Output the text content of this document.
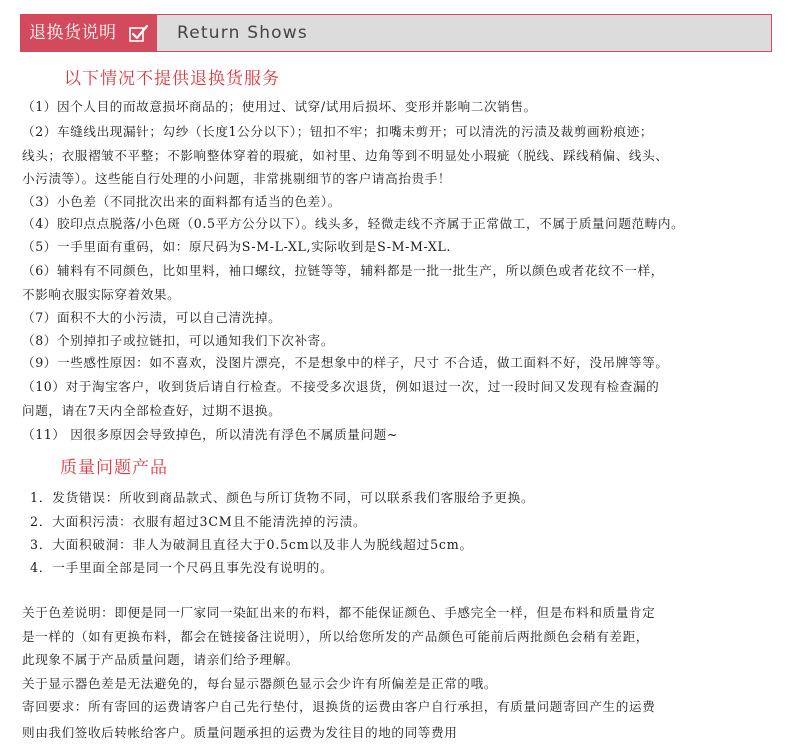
退换货说明	Return Shows
以下情况不提供退换货服务
（1）因个人目的而故意损坏商品的；使用过、试穿/试用后损坏、变形并影响二次销售。
（2）车缝线出现漏针；勾纱（长度1公分以下）；钮扣不牢；扣嘴未剪开；可以清洗的污渍及裁剪画粉痕迹；
线头；衣服褶皱不平整；不影响整体穿着的瑕疵，如衬里、边角等到不明显处小瑕疵（脱线、踩线稍偏、线头、
小污渍等）。这些能自行处理的小问题，非常挑剔细节的客户请高抬贵手！
（3）小色差（不同批次出来的面料都有适当的色差）。
（4）胶印点点脱落/小色斑（0.5平方公分以下）。线头多，轻微走线不齐属于正常做工，不属于质量问题范畴内。
（5）一手里面有重码，如：原尺码为S-M-L-XL,实际收到是S-M-M-XL.
（6）辅料有不同颜色，比如里料，袖口螺纹，拉链等等，辅料都是一批一批生产，所以颜色或者花纹不一样，
不影响衣服实际穿着效果。
（7）面积不大的小污渍，可以自己清洗掉。
（8）个别掉扣子或拉链扣，可以通知我们下次补寄。
（9）一些感性原因：如不喜欢，没图片漂亮，不是想象中的样子，尺寸 不合适，做工面料不好，没吊牌等等。
（10）对于淘宝客户，收到货后请自行检查。不接受多次退货，例如退过一次，过一段时间又发现有检查漏的
问题，请在7天内全部检查好，过期不退换。
（11） 因很多原因会导致掉色，所以清洗有浮色不属质量问题~
质量问题产品
1．发货错误：所收到商品款式、颜色与所订货物不同，可以联系我们客服给予更换。
2．大面积污渍：衣服有超过3CM且不能清洗掉的污渍。
3．大面积破洞：非人为破洞且直径大于0.5cm以及非人为脱线超过5cm。
4．一手里面全部是同一个尺码且事先没有说明的。
关于色差说明：即便是同一厂家同一染缸出来的布料，都不能保证颜色、手感完全一样，但是布料和质量肯定
是一样的（如有更换布料，都会在链接备注说明），所以给您所发的产品颜色可能前后两批颜色会稍有差距，
此现象不属于产品质量问题，请亲们给予理解。
关于显示器色差是无法避免的，每台显示器颜色显示会少许有所偏差是正常的哦。
寄回要求：所有寄回的运费请客户自己先行垫付，退换货的运费由客户自行承担，有质量问题寄回产生的运费
则由我们签收后转帐给客户。质量问题承担的运费为发往目的地的同等费用
